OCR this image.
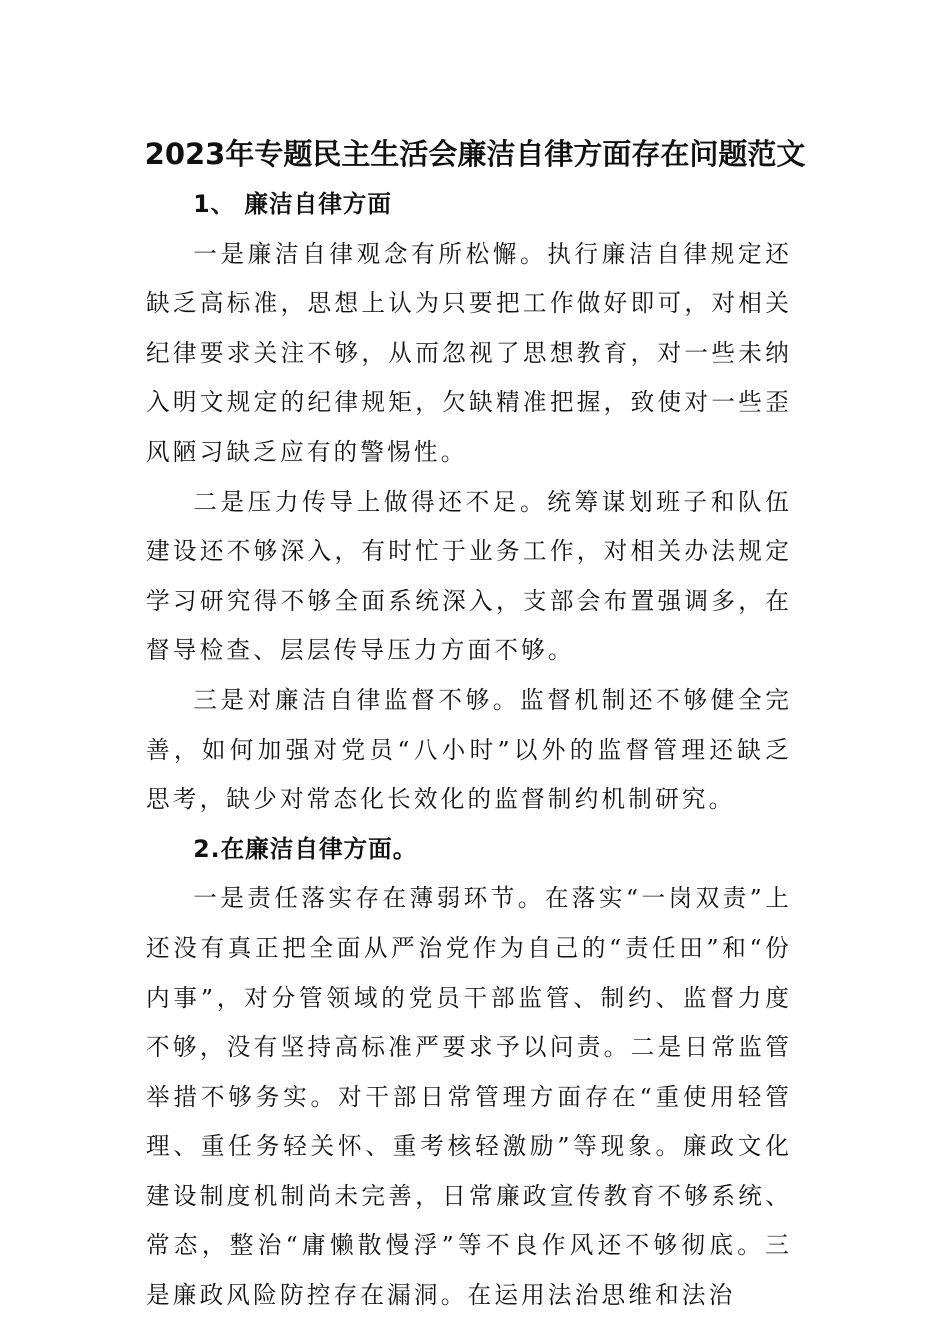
2023年专题民主生活会廉洁自律方面存在问题范文

1、 廉洁自律方面

一是廉洁自律观念有所松懈。执行廉洁自律规定还缺乏高标准，思想上认为只要把工作做好即可，对相关纪律要求关注不够，从而忽视了思想教育，对一些未纳入明文规定的纪律规矩，欠缺精准把握，致使对一些歪风陋习缺乏应有的警惕性。

二是压力传导上做得还不足。统筹谋划班子和队伍建设还不够深入，有时忙于业务工作，对相关办法规定学习研究得不够全面系统深入，支部会布置强调多，在督导检查、层层传导压力方面不够。

三是对廉洁自律监督不够。监督机制还不够健全完善，如何加强对党员“八小时”以外的监督管理还缺乏思考，缺少对常态化长效化的监督制约机制研究。

2.在廉洁自律方面。

一是责任落实存在薄弱环节。在落实“一岗双责”上还没有真正把全面从严治党作为自己的“责任田”和“份内事”，对分管领域的党员干部监管、制约、监督力度不够，没有坚持高标准严要求予以问责。二是日常监管举措不够务实。对干部日常管理方面存在“重使用轻管理、重任务轻关怀、重考核轻激励”等现象。廉政文化建设制度机制尚未完善，日常廉政宣传教育不够系统、常态，整治“庸懒散慢浮”等不良作风还不够彻底。三是廉政风险防控存在漏洞。在运用法治思维和法治
